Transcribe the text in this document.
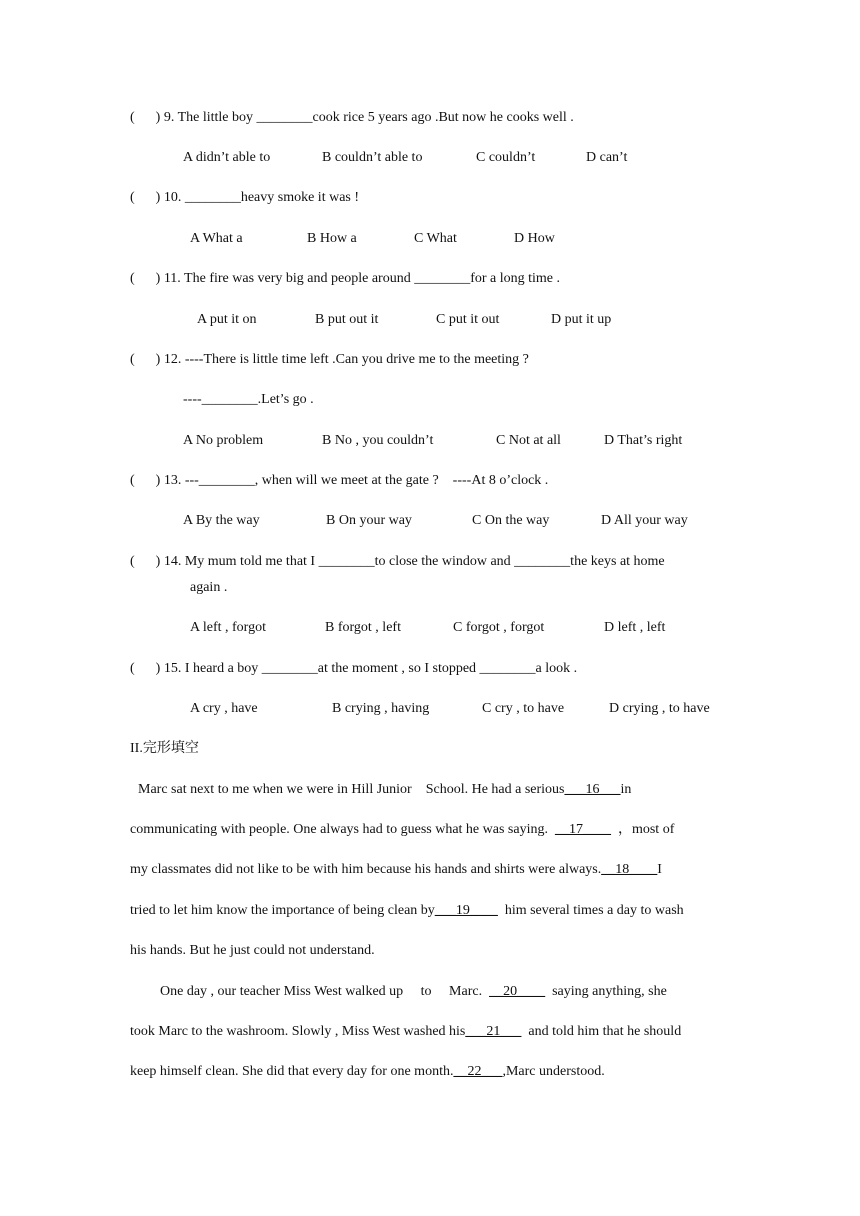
(      ) 9. The little boy ________cook rice 5 years ago .But now he cooks well .
A didn’t able to	B couldn’t able to	C couldn’t	D can’t
(      ) 10. ________heavy smoke it was !
A What a	B How a	C What	D How
(      ) 11. The fire was very big and people around ________for a long time .
A put it on	B put out it	C put it out	D put it up
(      ) 12. ----There is little time left .Can you drive me to the meeting ?
----________.Let’s go .
A No problem	B No , you couldn’t	C Not at all	D That’s right
(      ) 13. ---________, when will we meet at the gate ?    ----At 8 o’clock .
A By the way	B On your way	C On the way	D All your way
(      ) 14. My mum told me that I ________to close the window and ________the keys at home
again .
A left , forgot	B forgot , left	C forgot , forgot	D left , left
(      ) 15. I heard a boy ________at the moment , so I stopped ________a look .
A cry , have	B crying , having	C cry , to have	D crying , to have
II.完形填空
Marc sat next to me when we were in Hill Junior    School. He had a serious___16___in
communicating with people. One always had to guess what he was saying.  __17____  ，most of
my classmates did not like to be with him because his hands and shirts were always.__18____I
tried to let him know the importance of being clean by___19____  him several times a day to wash
his hands. But he just could not understand.
One day , our teacher Miss West walked up     to     Marc.  __20____  saying anything, she
took Marc to the washroom. Slowly , Miss West washed his___21___  and told him that he should
keep himself clean. She did that every day for one month.__22___,Marc understood.
